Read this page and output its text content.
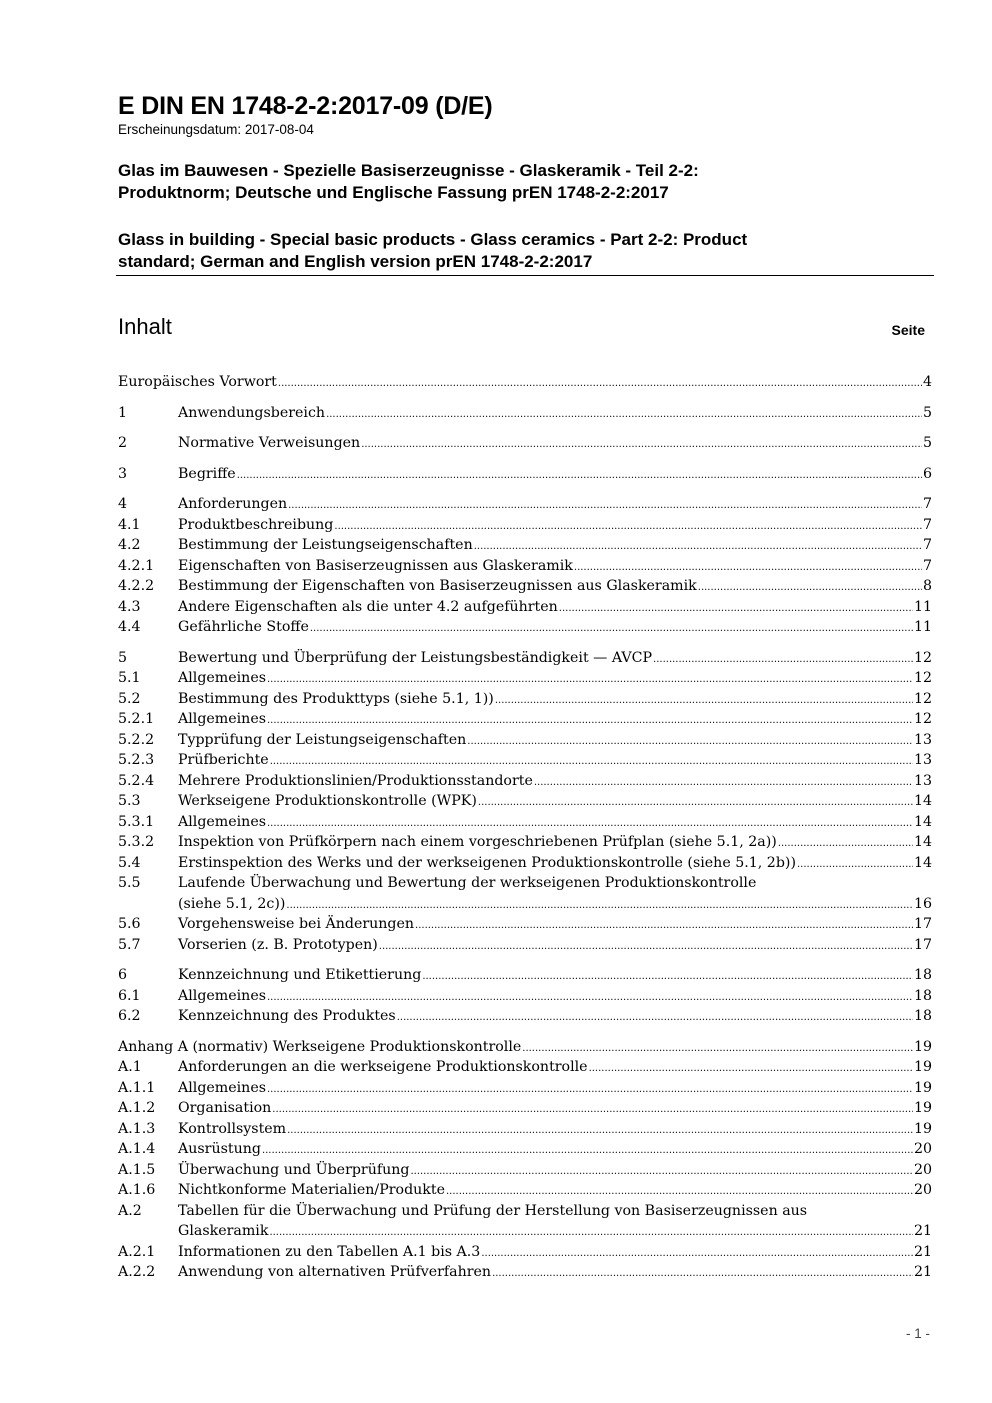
E DIN EN 1748-2-2:2017-09 (D/E)
Erscheinungsdatum: 2017-08-04
Glas im Bauwesen - Spezielle Basiserzeugnisse - Glaskeramik - Teil 2-2:
Produktnorm; Deutsche und Englische Fassung prEN 1748-2-2:2017
Glass in building - Special basic products - Glass ceramics - Part 2-2: Product
standard; German and English version prEN 1748-2-2:2017
Inhalt	Seite
Europäisches Vorwort .....	4
1	Anwendungsbereich .....	5
2	Normative Verweisungen .....	5
3	Begriffe .....	6
4	Anforderungen .....	7
4.1	Produktbeschreibung .....	7
4.2	Bestimmung der Leistungseigenschaften .....	7
4.2.1 Eigenschaften von Basiserzeugnissen aus Glaskeramik .....	7
4.2.2 Bestimmung der Eigenschaften von Basiserzeugnissen aus Glaskeramik .....	8
4.3	Andere Eigenschaften als die unter 4.2 aufgeführten .....	11
4.4	Gefährliche Stoffe .....	11
5	Bewertung und Überprüfung der Leistungsbeständigkeit — AVCP .....	12
5.1	Allgemeines .....	12
5.2	Bestimmung des Produkttyps (siehe 5.1, 1)) .....	12
5.2.1 Allgemeines .....	12
5.2.2 Typprüfung der Leistungseigenschaften .....	13
5.2.3 Prüfberichte .....	13
5.2.4 Mehrere Produktionslinien/Produktionsstandorte .....	13
5.3	Werkseigene Produktionskontrolle (WPK) .....	14
5.3.1 Allgemeines .....	14
5.3.2 Inspektion von Prüfkörpern nach einem vorgeschriebenen Prüfplan (siehe 5.1, 2a)) .....	14
5.4	Erstinspektion des Werks und der werkseigenen Produktionskontrolle (siehe 5.1, 2b)) .....	14
5.5	Laufende Überwachung und Bewertung der werkseigenen Produktionskontrolle
(siehe 5.1, 2c)) .....	16
5.6	Vorgehensweise bei Änderungen .....	17
5.7	Vorserien (z. B. Prototypen) .....	17
6	Kennzeichnung und Etikettierung .....	18
6.1	Allgemeines .....	18
6.2	Kennzeichnung des Produktes .....	18
Anhang A (normativ) Werkseigene Produktionskontrolle .....	19
A.1	Anforderungen an die werkseigene Produktionskontrolle .....	19
A.1.1 Allgemeines .....	19
A.1.2 Organisation .....	19
A.1.3 Kontrollsystem .....	19
A.1.4 Ausrüstung .....	20
A.1.5 Überwachung und Überprüfung .....	20
A.1.6 Nichtkonforme Materialien/Produkte .....	20
A.2	Tabellen für die Überwachung und Prüfung der Herstellung von Basiserzeugnissen aus
Glaskeramik .....	21
A.2.1 Informationen zu den Tabellen A.1 bis A.3 .....	21
A.2.2 Anwendung von alternativen Prüfverfahren .....	21
- 1 -
